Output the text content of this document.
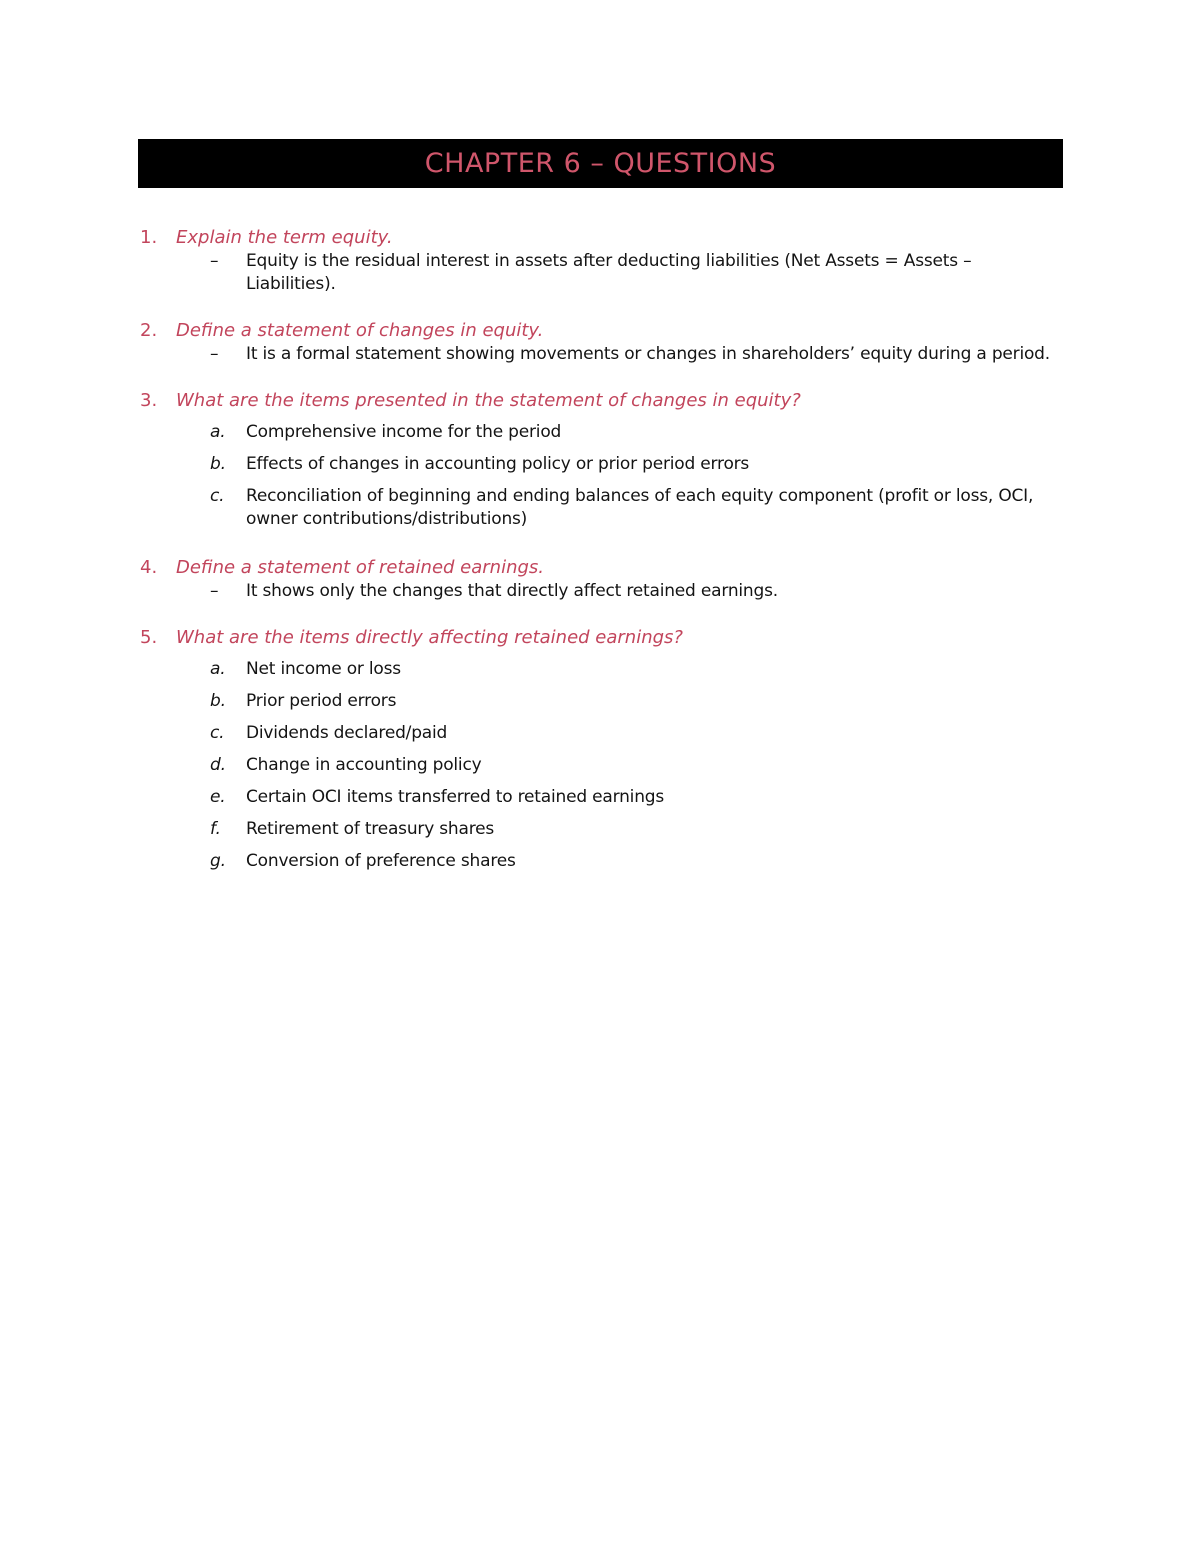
CHAPTER 6 – QUESTIONS
1. Explain the term equity.
– Equity is the residual interest in assets after deducting liabilities (Net Assets = Assets – Liabilities).
2. Define a statement of changes in equity.
– It is a formal statement showing movements or changes in shareholders’ equity during a period.
3. What are the items presented in the statement of changes in equity?
a. Comprehensive income for the period
b. Effects of changes in accounting policy or prior period errors
c. Reconciliation of beginning and ending balances of each equity component (profit or loss, OCI, owner contributions/distributions)
4. Define a statement of retained earnings.
– It shows only the changes that directly affect retained earnings.
5. What are the items directly affecting retained earnings?
a. Net income or loss
b. Prior period errors
c. Dividends declared/paid
d. Change in accounting policy
e. Certain OCI items transferred to retained earnings
f. Retirement of treasury shares
g. Conversion of preference shares
